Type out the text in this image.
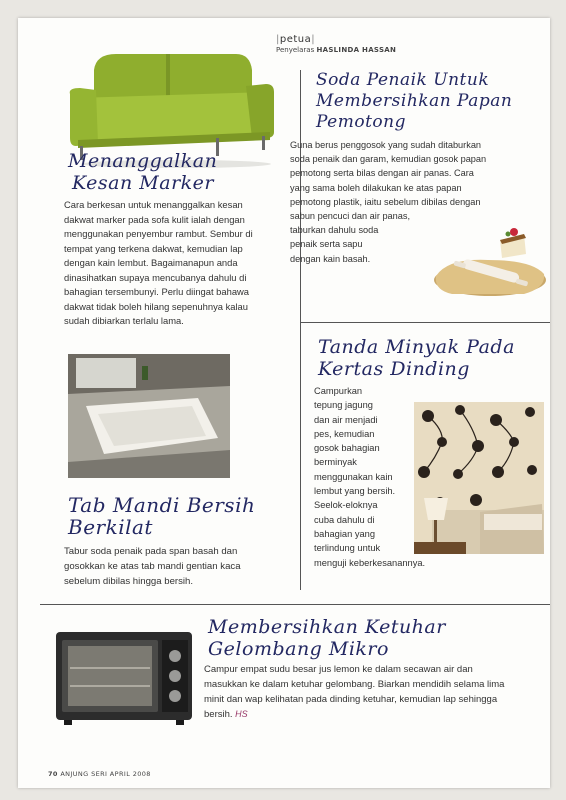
|petua|
Penyelaras HASLINDA HASSAN
Menanggalkan
Kesan Marker
Cara berkesan untuk menanggalkan kesan
dakwat marker pada sofa kulit ialah dengan
menggunakan penyembur rambut. Sembur di
tempat yang terkena dakwat, kemudian lap
dengan kain lembut. Bagaimanapun anda
dinasihatkan supaya mencubanya dahulu di
bahagian tersembunyi. Perlu diingat bahawa
dakwat tidak boleh hilang sepenuhnya kalau
sudah dibiarkan terlalu lama.
Soda Penaik Untuk
Membersihkan Papan
Pemotong
Guna berus penggosok yang sudah ditaburkan
soda penaik dan garam, kemudian gosok papan
pemotong serta bilas dengan air panas. Cara
yang sama boleh dilakukan ke atas papan
pemotong plastik, iaitu sebelum dibilas dengan
sabun pencuci dan air panas,
taburkan dahulu soda
penaik serta sapu
dengan kain basah.
Tanda Minyak Pada
Kertas Dinding
Campurkan
tepung jagung
dan air menjadi
pes, kemudian
gosok bahagian
berminyak
menggunakan kain
lembut yang bersih.
Seelok-eloknya
cuba dahulu di
bahagian yang
terlindung untuk
menguji keberkesanannya.
Tab Mandi Bersih
Berkilat
Tabur soda penaik pada span basah dan
gosokkan ke atas tab mandi gentian kaca
sebelum dibilas hingga bersih.
Membersihkan Ketuhar
Gelombang Mikro
Campur empat sudu besar jus lemon ke dalam secawan air dan
masukkan ke dalam ketuhar gelombang. Biarkan mendidih selama lima
minit dan wap kelihatan pada dinding ketuhar, kemudian lap sehingga
bersih. HS
70 ANJUNG SERI APRIL 2008
